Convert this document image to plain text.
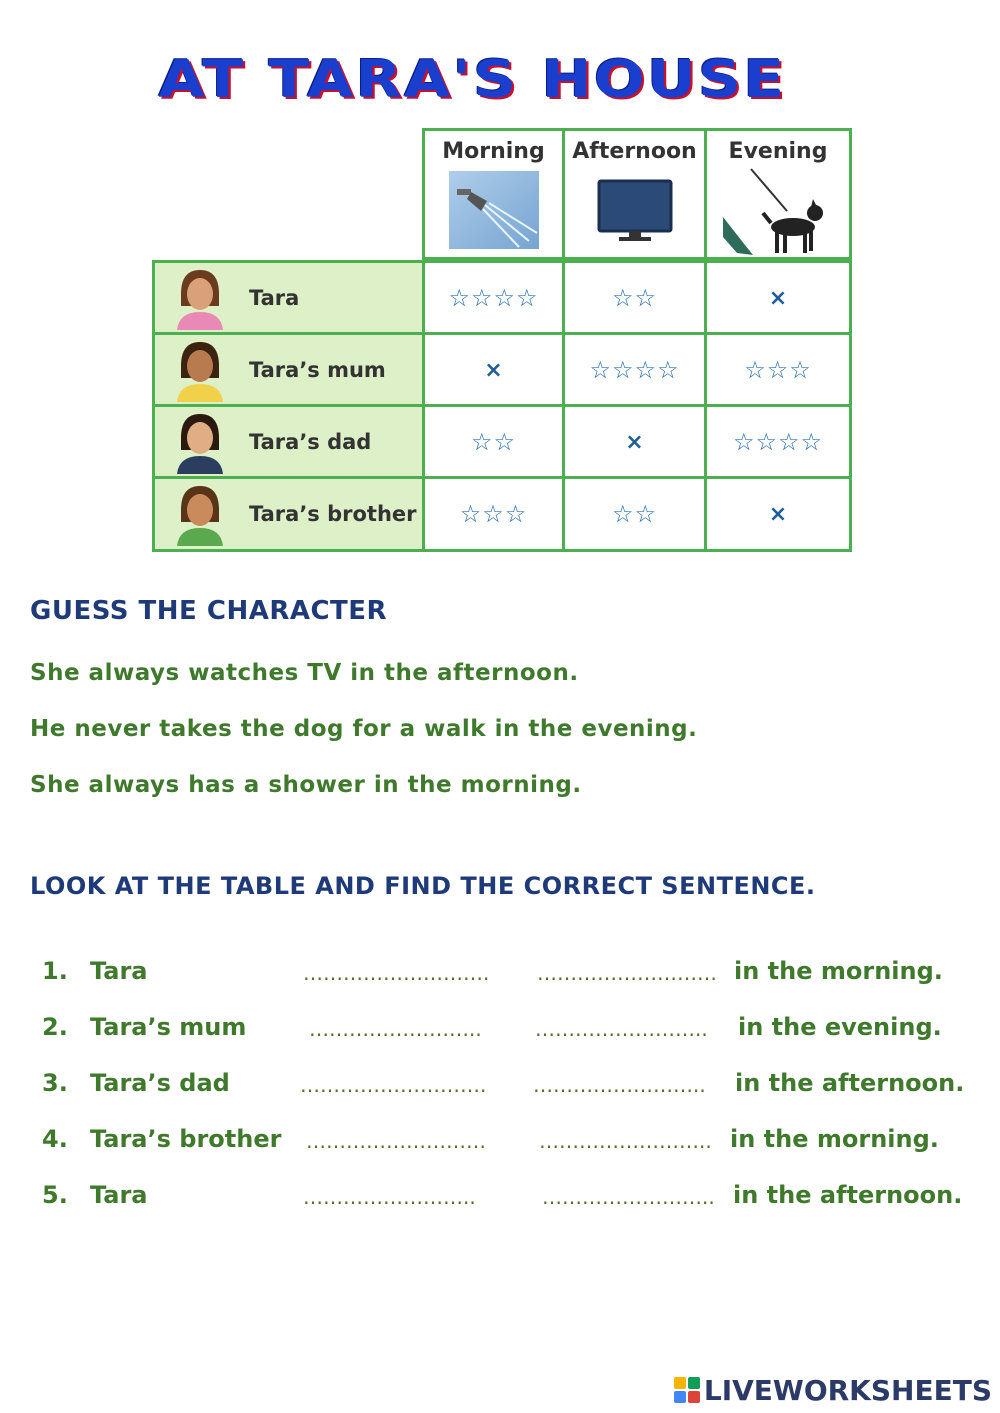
AT TARA'S HOUSE
Morning	Afternoon	Evening
Tara	☆☆☆☆	☆☆	×
Tara’s mum	×	☆☆☆☆	☆☆☆
Tara’s dad	☆☆	×	☆☆☆☆
Tara’s brother ☆☆☆	☆☆	×
GUESS THE CHARACTER
She always watches TV in the afternoon.
He never takes the dog for a walk in the evening.
She always has a shower in the morning.
LOOK AT THE TABLE AND FIND THE CORRECT SENTENCE.
1. Tara	………………………. ……………………… in the morning.
2. Tara’s mum	……………………..	…………………….. in the evening.
3. Tara’s dad	………………………. …………………….. in the afternoon.
4. Tara’s brother ………………………	…………………….. in the morning.
5. Tara	……………………..	…………………….. in the afternoon.
LIVEWORKSHEETS
